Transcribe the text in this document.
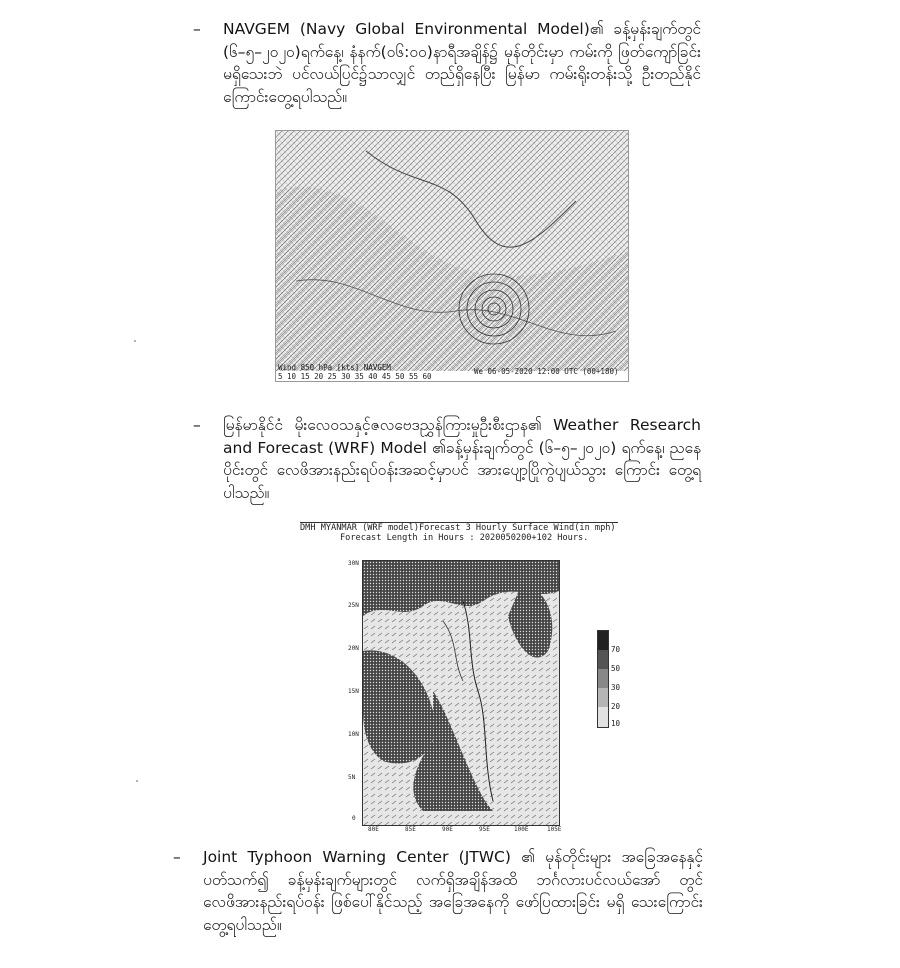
– NAVGEM (Navy Global Environmental Model)၏ ခန့်မှန်းချက်တွင် (၆–၅–၂၀၂၀)ရက်နေ့၊ နံနက်(၀၆:၀၀)နာရီအချိန်၌ မုန်တိုင်းမှာ ကမ်းကို ဖြတ်ကျော်ခြင်း မရှိသေးဘဲ ပင်လယ်ပြင်၌သာလျှင် တည်ရှိနေပြီး မြန်မာ ကမ်းရိုးတန်းသို့ ဦးတည်နိုင်ကြောင်းတွေ့ရပါသည်။
Wind 850 hPa [kts] NAVGEM
5 10 15 20 25 30 35 40 45 50 55 60
We 06-05-2020 12:00 UTC (00+180)
– မြန်မာနိုင်ငံ မိုးလေဝသနှင့်ဇလဗေဒညွှန်ကြားမှုဦးစီးဌာန၏ Weather Research and Forecast (WRF) Model ၏ခန့်မှန်းချက်တွင် (၆–၅–၂၀၂၀) ရက်နေ့၊ ညနေပိုင်းတွင် လေဖိအားနည်းရပ်ဝန်းအဆင့်မှာပင် အားပျော့ပြိုကွဲပျယ်သွား ကြောင်း တွေ့ရပါသည်။
DMH MYANMAR (WRF model)Forecast 3 Hourly Surface Wind(in mph)
Forecast Length in Hours : 2020050200+102 Hours.
30N
25N
20N
15N
10N
5N
0
80E	85E	90E	95E	100E	105E
70
50
30
20
10
– Joint Typhoon Warning Center (JTWC) ၏ မုန်တိုင်းများ အခြေအနေနှင့် ပတ်သက်၍ ခန့်မှန်းချက်များတွင် လက်ရှိအချိန်အထိ ဘင်္ဂလားပင်လယ်အော် တွင် လေဖိအားနည်းရပ်ဝန်း ဖြစ်ပေါ်နိုင်သည့် အခြေအနေကို ဖော်ပြထားခြင်း မရှိ သေးကြောင်းတွေ့ရပါသည်။
